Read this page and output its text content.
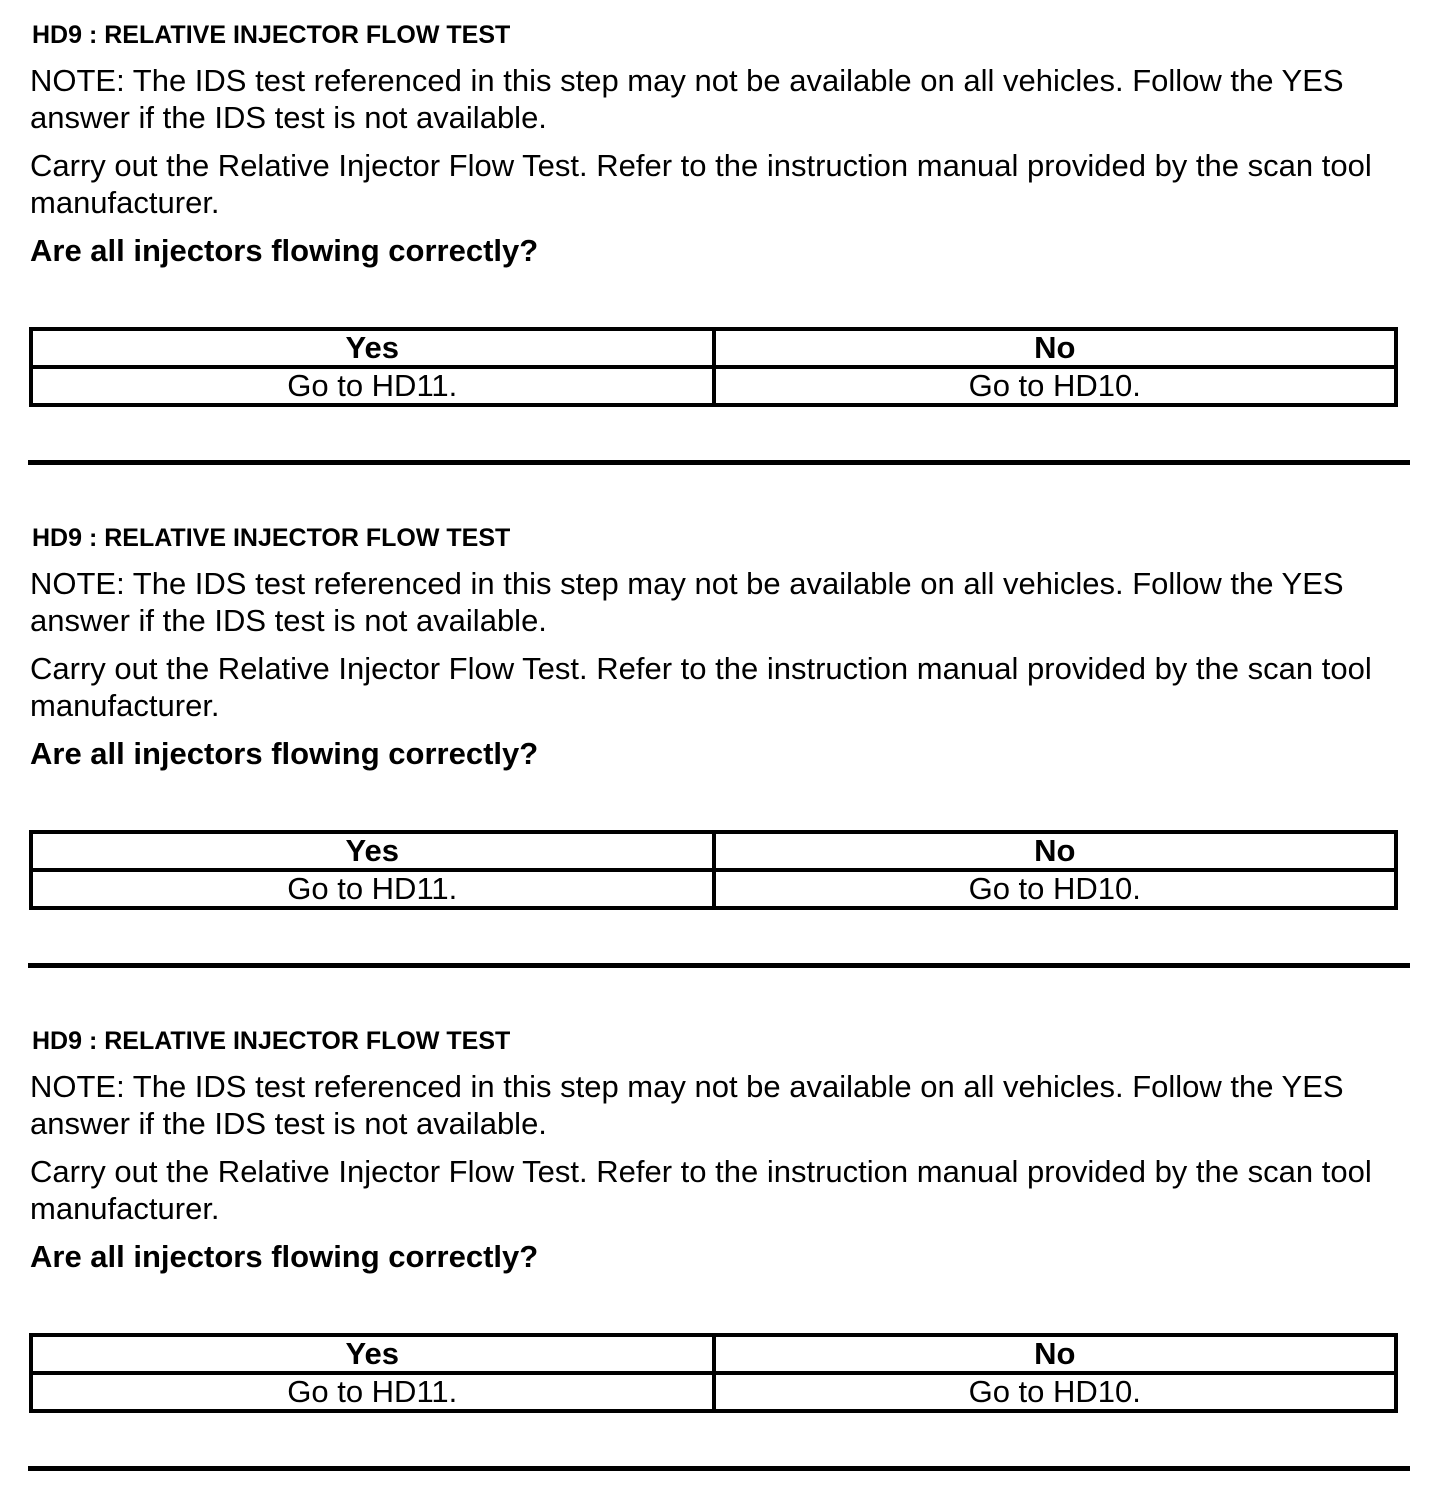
HD9 : RELATIVE INJECTOR FLOW TEST

NOTE: The IDS test referenced in this step may not be available on all vehicles. Follow the YES answer if the IDS test is not available.

Carry out the Relative Injector Flow Test. Refer to the instruction manual provided by the scan tool manufacturer.

Are all injectors flowing correctly?
Yes	No
Go to HD11.	Go to HD10.
HD9 : RELATIVE INJECTOR FLOW TEST

NOTE: The IDS test referenced in this step may not be available on all vehicles. Follow the YES answer if the IDS test is not available.

Carry out the Relative Injector Flow Test. Refer to the instruction manual provided by the scan tool manufacturer.

Are all injectors flowing correctly?
Yes	No
Go to HD11.	Go to HD10.
HD9 : RELATIVE INJECTOR FLOW TEST

NOTE: The IDS test referenced in this step may not be available on all vehicles. Follow the YES answer if the IDS test is not available.

Carry out the Relative Injector Flow Test. Refer to the instruction manual provided by the scan tool manufacturer.

Are all injectors flowing correctly?
Yes	No
Go to HD11.	Go to HD10.
